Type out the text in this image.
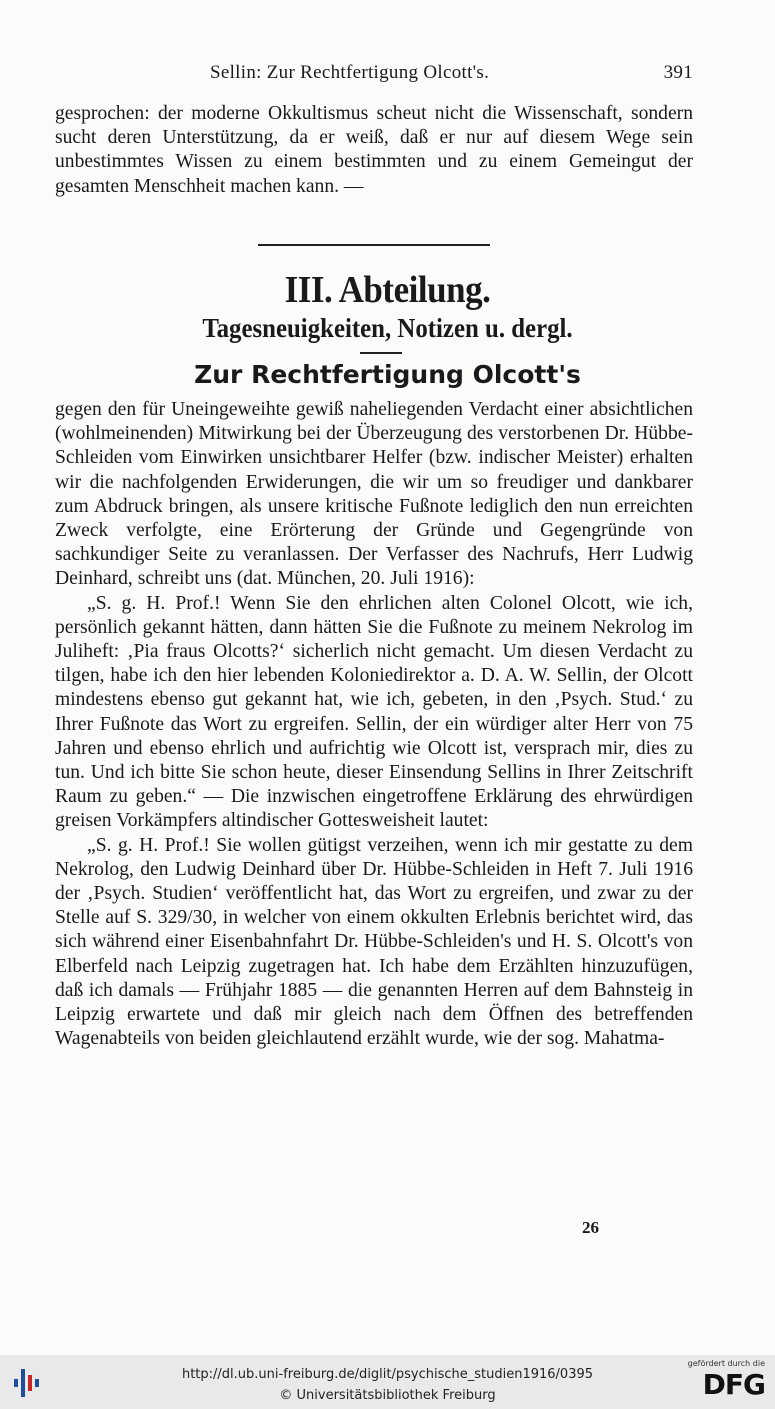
Sellin: Zur Rechtfertigung Olcott's.	391

gesprochen: der moderne Okkultismus scheut nicht die Wissenschaft, sondern sucht deren Unterstützung, da er weiß, daß er nur auf diesem Wege sein unbestimmtes Wissen zu einem bestimmten und zu einem Gemeingut der gesamten Menschheit machen kann. —

III. Abteilung.
Tagesneuigkeiten, Notizen u. dergl.
Zur Rechtfertigung Olcott's

gegen den für Uneingeweihte gewiß naheliegenden Verdacht einer absichtlichen (wohlmeinenden) Mitwirkung bei der Überzeugung des verstorbenen Dr. Hübbe-Schleiden vom Einwirken unsichtbarer Helfer (bzw. indischer Meister) erhalten wir die nachfolgenden Erwiderungen, die wir um so freudiger und dankbarer zum Abdruck bringen, als unsere kritische Fußnote lediglich den nun erreichten Zweck verfolgte, eine Erörterung der Gründe und Gegengründe von sachkundiger Seite zu veranlassen. Der Verfasser des Nachrufs, Herr Ludwig Deinhard, schreibt uns (dat. München, 20. Juli 1916):

„S. g. H. Prof.! Wenn Sie den ehrlichen alten Colonel Olcott, wie ich, persönlich gekannt hätten, dann hätten Sie die Fußnote zu meinem Nekrolog im Juliheft: ‚Pia fraus Olcotts?‘ sicherlich nicht gemacht. Um diesen Verdacht zu tilgen, habe ich den hier lebenden Koloniedirektor a. D. A. W. Sellin, der Olcott mindestens ebenso gut gekannt hat, wie ich, gebeten, in den ‚Psych. Stud.‘ zu Ihrer Fußnote das Wort zu ergreifen. Sellin, der ein würdiger alter Herr von 75 Jahren und ebenso ehrlich und aufrichtig wie Olcott ist, versprach mir, dies zu tun. Und ich bitte Sie schon heute, dieser Einsendung Sellins in Ihrer Zeitschrift Raum zu geben.“ — Die inzwischen eingetroffene Erklärung des ehrwürdigen greisen Vorkämpfers altindischer Gottesweisheit lautet:

„S. g. H. Prof.! Sie wollen gütigst verzeihen, wenn ich mir gestatte zu dem Nekrolog, den Ludwig Deinhard über Dr. Hübbe-Schleiden in Heft 7. Juli 1916 der ‚Psych. Studien‘ veröffentlicht hat, das Wort zu ergreifen, und zwar zu der Stelle auf S. 329/30, in welcher von einem okkulten Erlebnis berichtet wird, das sich während einer Eisenbahnfahrt Dr. Hübbe-Schleiden's und H. S. Olcott's von Elberfeld nach Leipzig zugetragen hat. Ich habe dem Erzählten hinzuzufügen, daß ich damals — Frühjahr 1885 — die genannten Herren auf dem Bahnsteig in Leipzig erwartete und daß mir gleich nach dem Öffnen des betreffenden Wagenabteils von beiden gleichlautend erzählt wurde, wie der sog. Mahatma-

26
http://dl.ub.uni-freiburg.de/diglit/psychische_studien1916/0395
© Universitätsbibliothek Freiburg
gefördert durch die
DFG
